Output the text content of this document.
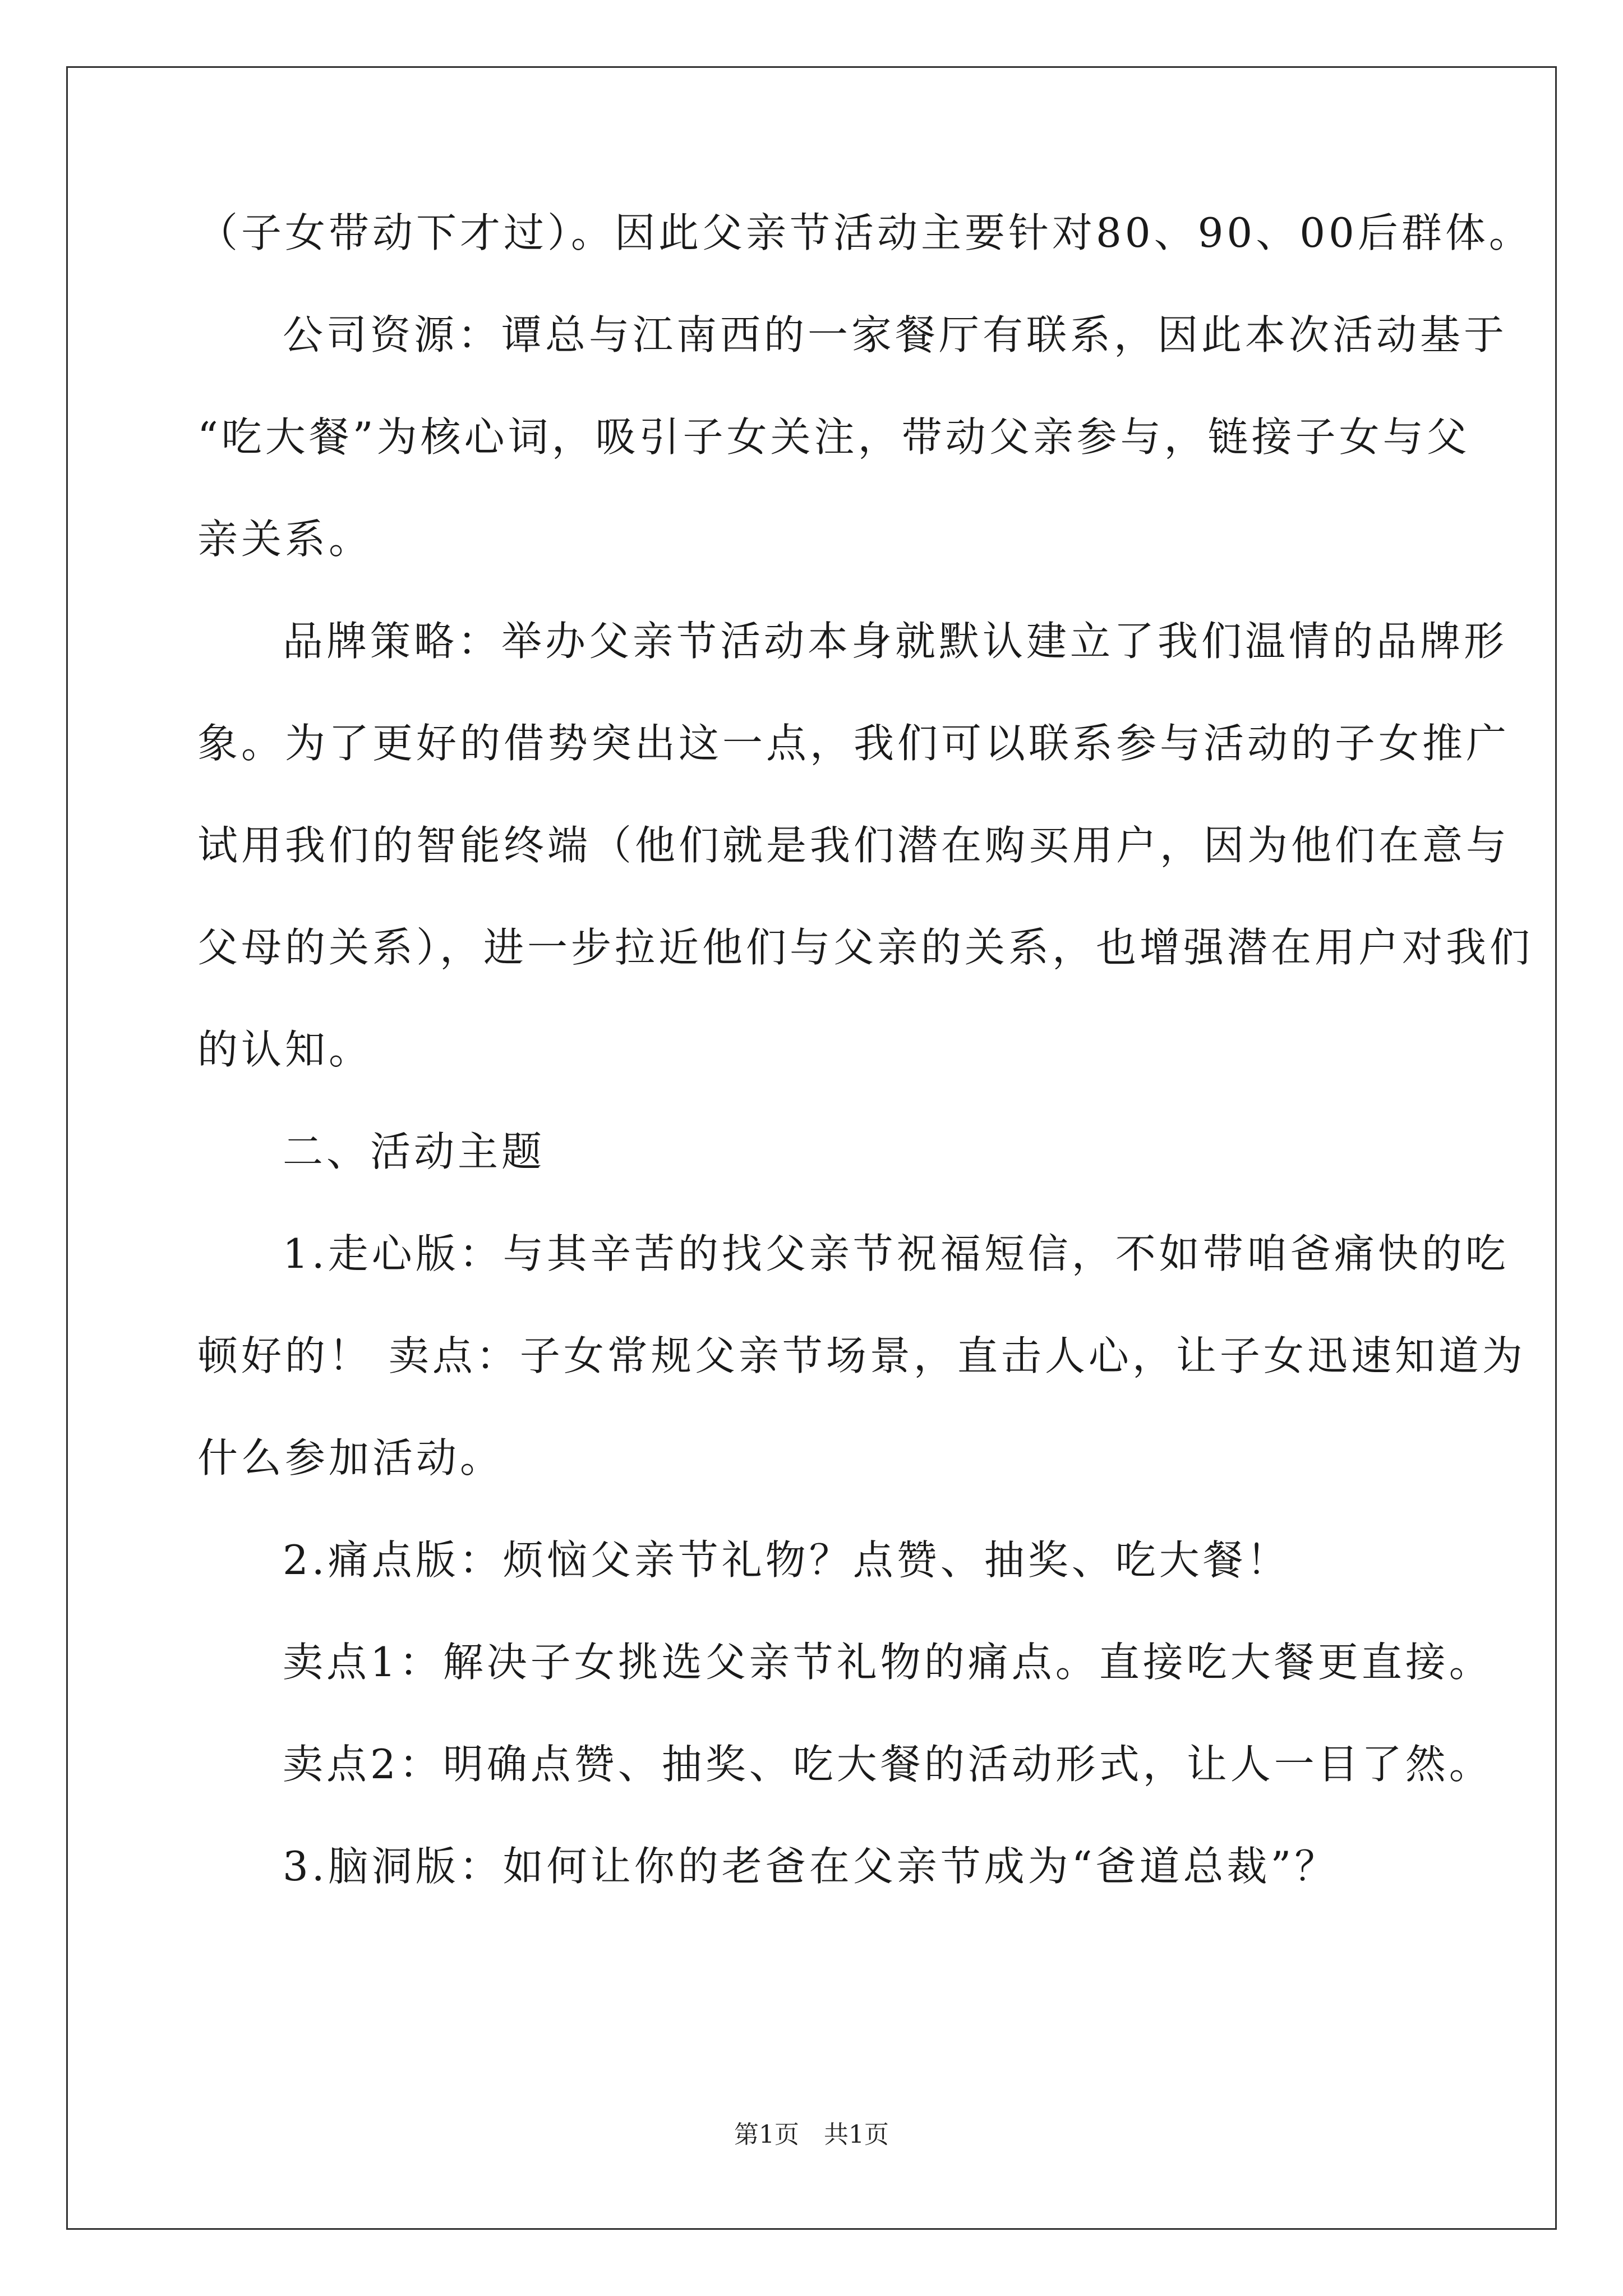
（子女带动下才过）。因此父亲节活动主要针对80、90、00后群体。
公司资源：谭总与江南西的一家餐厅有联系，因此本次活动基于
“吃大餐”为核心词，吸引子女关注，带动父亲参与，链接子女与父
亲关系。
品牌策略：举办父亲节活动本身就默认建立了我们温情的品牌形
象。为了更好的借势突出这一点，我们可以联系参与活动的子女推广
试用我们的智能终端（他们就是我们潜在购买用户，因为他们在意与
父母的关系），进一步拉近他们与父亲的关系，也增强潜在用户对我们
的认知。
二、活动主题
1.走心版：与其辛苦的找父亲节祝福短信，不如带咱爸痛快的吃
顿好的！ 卖点：子女常规父亲节场景，直击人心，让子女迅速知道为
什么参加活动。
2.痛点版：烦恼父亲节礼物？点赞、抽奖、吃大餐！
卖点1：解决子女挑选父亲节礼物的痛点。直接吃大餐更直接。
卖点2：明确点赞、抽奖、吃大餐的活动形式，让人一目了然。
3.脑洞版：如何让你的老爸在父亲节成为“爸道总裁”？
第1页　共1页
